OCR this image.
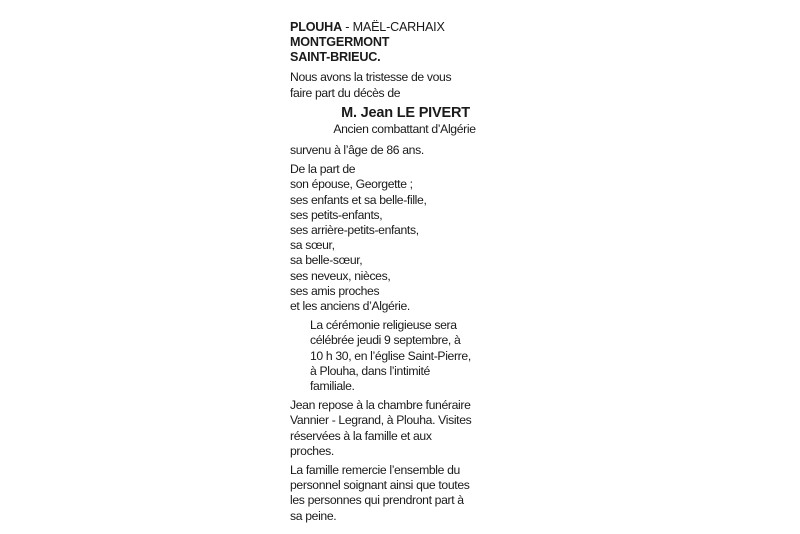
PLOUHA - MAËL-CARHAIX
MONTGERMONT
SAINT-BRIEUC.
Nous avons la tristesse de vous
faire part du décès de
M. Jean LE PIVERT
Ancien combattant d’Algérie
survenu à l’âge de 86 ans.
De la part de
son épouse, Georgette ;
ses enfants et sa belle-fille,
ses petits-enfants,
ses arrière-petits-enfants,
sa sœur,
sa belle-sœur,
ses neveux, nièces,
ses amis proches
et les anciens d’Algérie.
La cérémonie religieuse sera
célébrée jeudi 9 septembre, à
10 h 30, en l’église Saint-Pierre,
à Plouha, dans l’intimité
familiale.
Jean repose à la chambre funéraire
Vannier - Legrand, à Plouha. Visites
réservées à la famille et aux
proches.
La famille remercie l’ensemble du
personnel soignant ainsi que toutes
les personnes qui prendront part à
sa peine.
